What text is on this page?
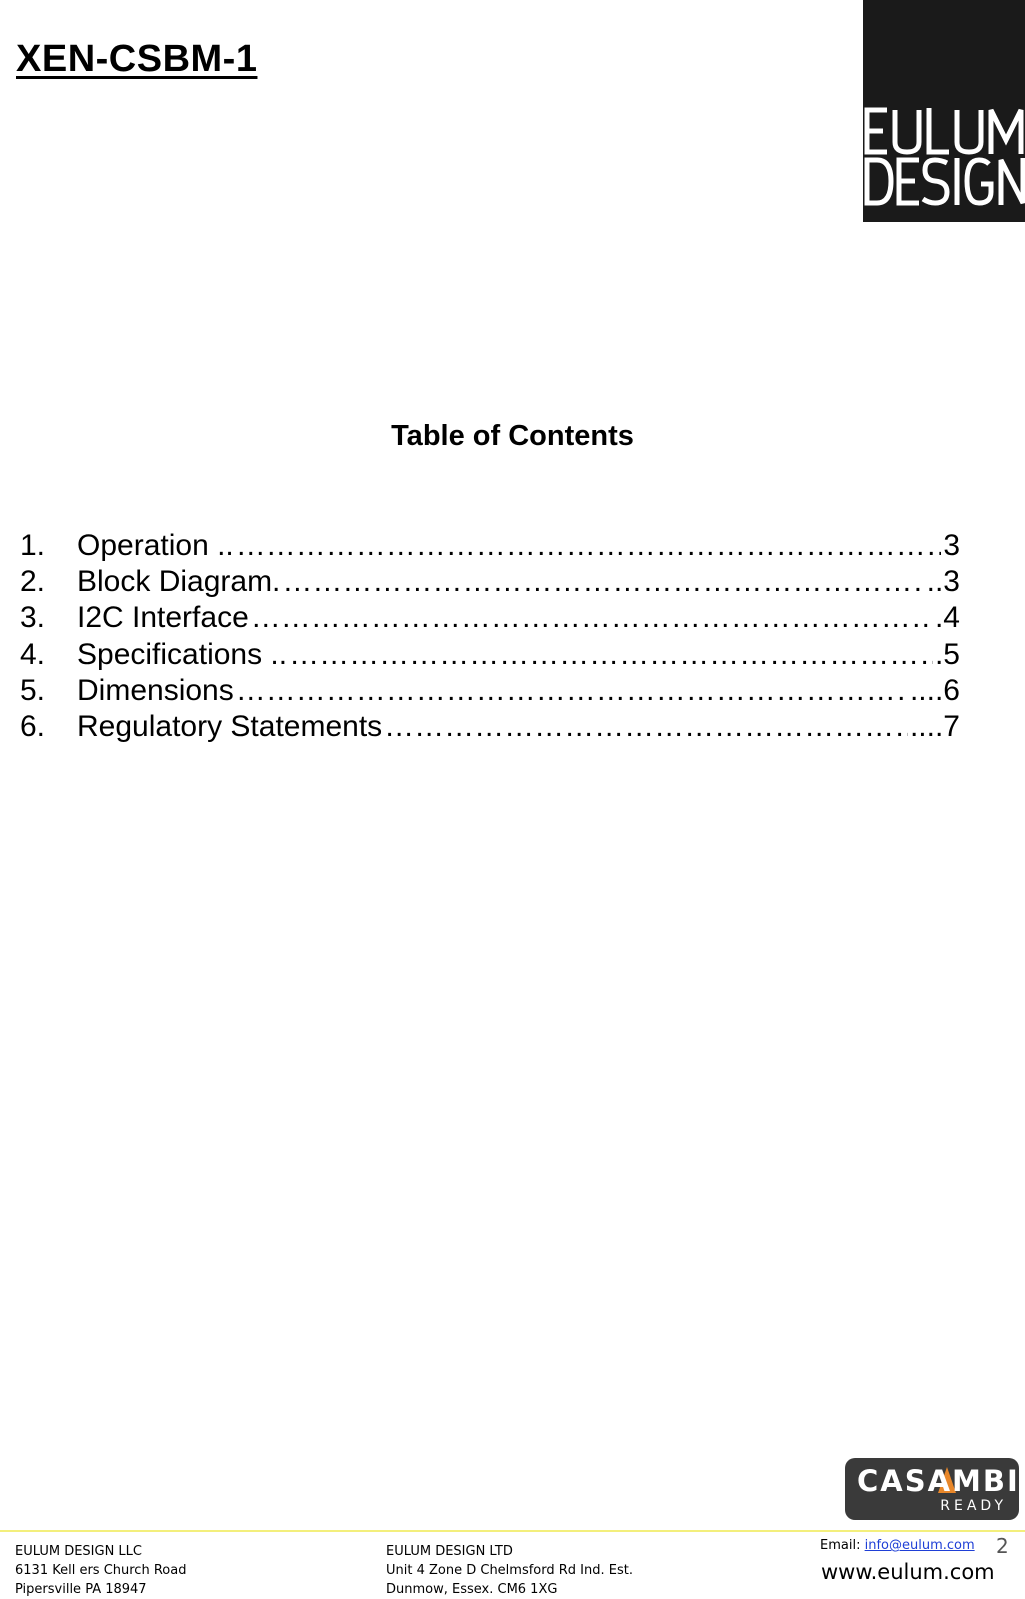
XEN-CSBM-1
Table of Contents
1.	Operation .. ……………………………………………………………………………………………………………………………	3
2.	Block Diagram. ……………………………………………………………………………………………………………………………	..3
3.	I2C Interface ……………………………………………………………………………………………………………………………	.4
4.	Specifications .. ……………………………………………………………………………………………………………………………	.5
5.	Dimensions ……………………………………………………………………………………………………………………………	....6
6.	Regulatory Statements ……………………………………………………………………………………………………………………………	....7
CASAMBI
READY
EULUM DESIGN LLC
6131 Kell ers Church Road
Pipersville PA 18947
EULUM DESIGN LTD
Unit 4 Zone D Chelmsford Rd Ind. Est.
Dunmow, Essex. CM6 1XG
Email: info@eulum.com 2
www.eulum.com
